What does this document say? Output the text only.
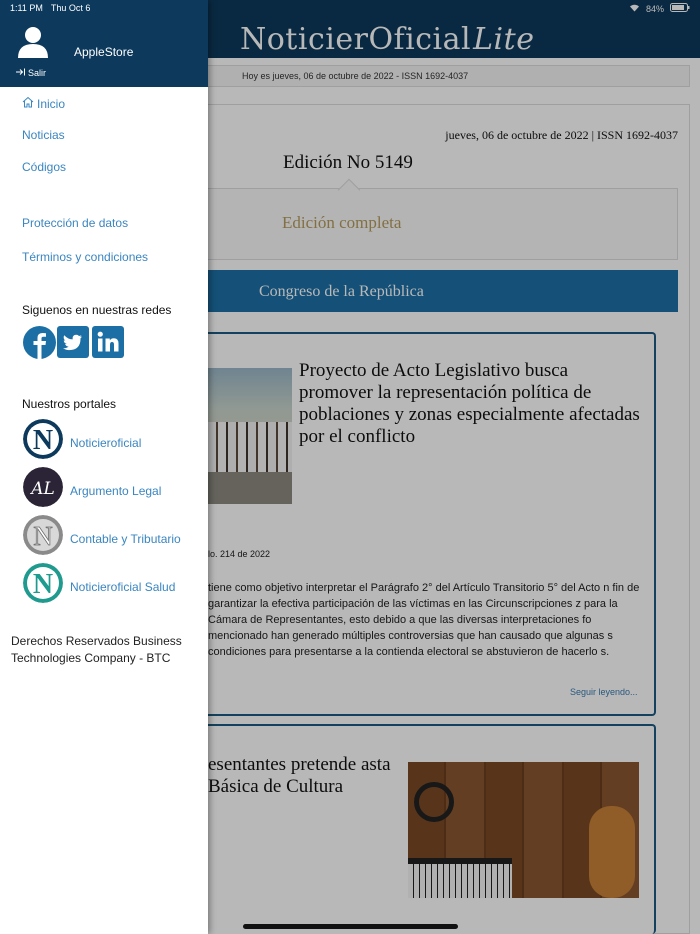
NoticierOficialLite
84%
Hoy es jueves, 06 de octubre de 2022 - ISSN 1692-4037
jueves, 06 de octubre de 2022 | ISSN 1692-4037
Edición No 5149
Edición completa
Congreso de la República
Proyecto de Acto Legislativo busca promover la representación política de poblaciones y zonas especialmente afectadas por el conflicto
lo. 214 de 2022
tiene como objetivo interpretar el Parágrafo 2° del Artículo Transitorio 5° del Acto n fin de garantizar la efectiva participación de las víctimas en las Circunscripciones z para la Cámara de Representantes, esto debido a que las diversas interpretaciones fo mencionado han generado múltiples controversias que han causado que algunas s condiciones para presentarse a la contienda electoral se abstuvieron de hacerlo s.
Seguir leyendo...
esentantes pretende asta Básica de Cultura
1:11 PM Thu Oct 6
AppleStore
Salir
Inicio
Noticias
Códigos
Protección de datos
Términos y condiciones
Siguenos en nuestras redes
Nuestros portales
N Noticieroficial
AL Argumento Legal
N Contable y Tributario
N Noticieroficial Salud
Derechos Reservados Business Technologies Company - BTC
